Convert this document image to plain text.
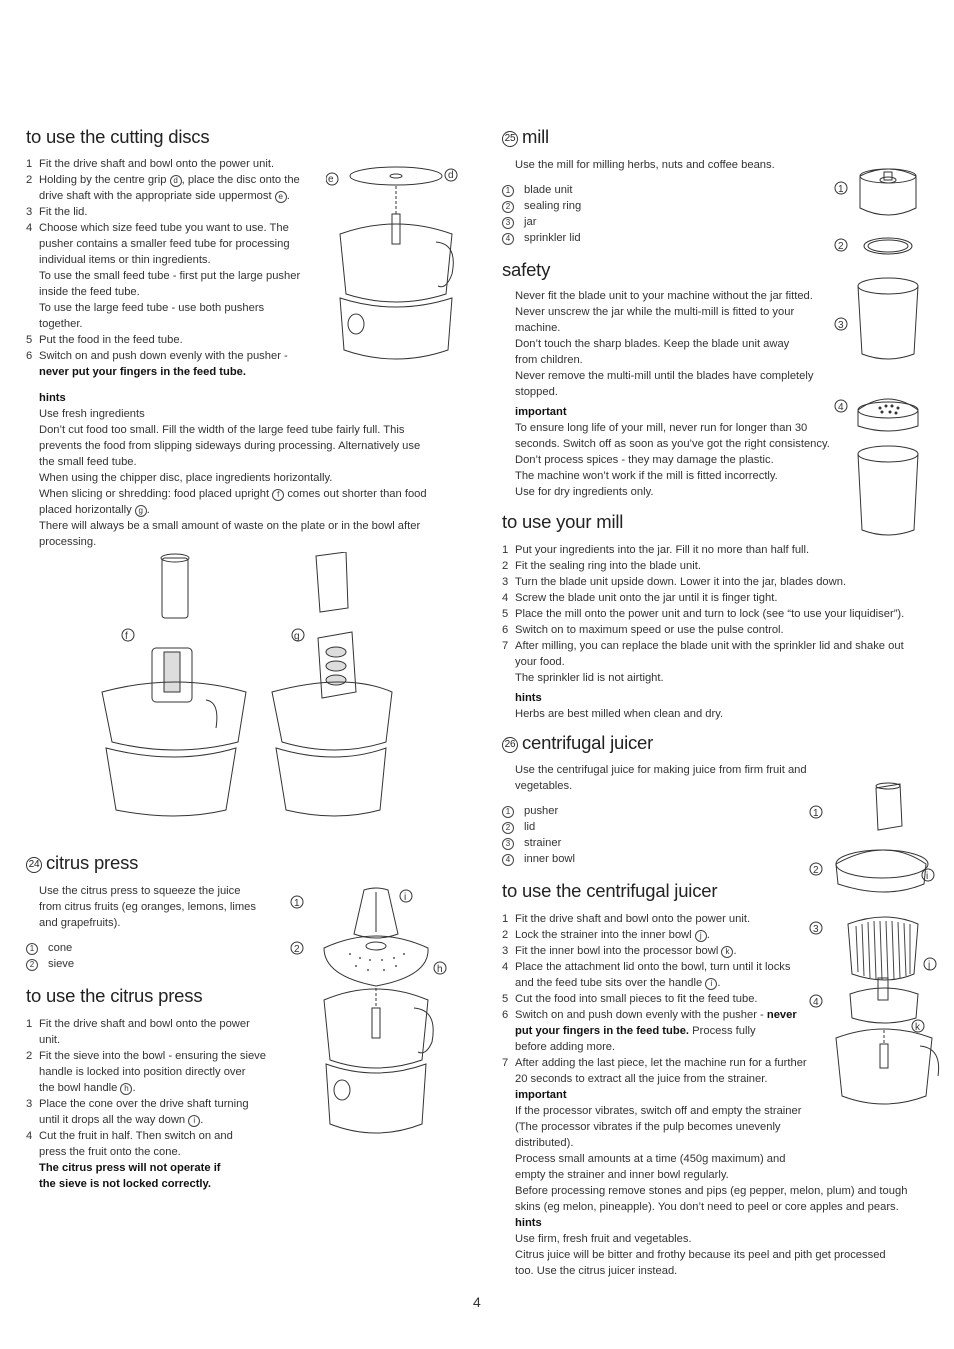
to use the cutting discs
1 Fit the drive shaft and bowl onto the power unit.
2 Holding by the centre grip d , place the disc onto the
drive shaft with the appropriate side uppermost e .
3 Fit the lid.
4 Choose which size feed tube you want to use. The
pusher contains a smaller feed tube for processing
individual items or thin ingredients.
To use the small feed tube - first put the large pusher
inside the feed tube.
To use the large feed tube - use both pushers
together.
5 Put the food in the feed tube.
6 Switch on and push down evenly with the pusher -
never put your fingers in the feed tube.
hints
Use fresh ingredients
Don’t cut food too small. Fill the width of the large feed tube fairly full. This
prevents the food from slipping sideways during processing. Alternatively use
the small feed tube.
When using the chipper disc, place ingredients horizontally.
When slicing or shredding: food placed upright f comes out shorter than food
placed horizontally g .
There will always be a small amount of waste on the plate or in the bowl after
processing.
e	d
f	g
24 citrus press
Use the citrus press to squeeze the juice
from citrus fruits (eg oranges, lemons, limes
and grapefruits).
1 cone
2 sieve
to use the citrus press
1 Fit the drive shaft and bowl onto the power
unit.
2 Fit the sieve into the bowl - ensuring the sieve
handle is locked into position directly over
the bowl handle h .
3 Place the cone over the drive shaft turning
until it drops all the way down i .
4 Cut the fruit in half. Then switch on and
press the fruit onto the cone.
The citrus press will not operate if
the sieve is not locked correctly.
1
2
i
h
25 mill
Use the mill for milling herbs, nuts and coffee beans.
1 blade unit
2 sealing ring
3 jar
4 sprinkler lid
safety
Never fit the blade unit to your machine without the jar fitted.
Never unscrew the jar while the multi-mill is fitted to your
machine.
Don’t touch the sharp blades. Keep the blade unit away
from children.
Never remove the multi-mill until the blades have completely
stopped.
important
To ensure long life of your mill, never run for longer than 30
seconds. Switch off as soon as you’ve got the right consistency.
Don’t process spices - they may damage the plastic.
The machine won’t work if the mill is fitted incorrectly.
Use for dry ingredients only.
to use your mill
1 Put your ingredients into the jar. Fill it no more than half full.
2 Fit the sealing ring into the blade unit.
3 Turn the blade unit upside down. Lower it into the jar, blades down.
4 Screw the blade unit onto the jar until it is finger tight.
5 Place the mill onto the power unit and turn to lock (see “to use your liquidiser”).
6 Switch on to maximum speed or use the pulse control.
7 After milling, you can replace the blade unit with the sprinkler lid and shake out
your food.
The sprinkler lid is not airtight.
hints
Herbs are best milled when clean and dry.
26 centrifugal juicer
Use the centrifugal juice for making juice from firm fruit and
vegetables.
1 pusher
2 lid
3 strainer
4 inner bowl
to use the centrifugal juicer
1 Fit the drive shaft and bowl onto the power unit.
2 Lock the strainer into the inner bowl j .
3 Fit the inner bowl into the processor bowl k .
4 Place the attachment lid onto the bowl, turn until it locks
and the feed tube sits over the handle i .
5 Cut the food into small pieces to fit the feed tube.
6 Switch on and push down evenly with the pusher - never
put your fingers in the feed tube. Process fully
before adding more.
7 After adding the last piece, let the machine run for a further
20 seconds to extract all the juice from the strainer.
important
If the processor vibrates, switch off and empty the strainer
(The processor vibrates if the pulp becomes unevenly
distributed).
Process small amounts at a time (450g maximum) and
empty the strainer and inner bowl regularly.
Before processing remove stones and pips (eg pepper, melon, plum) and tough
skins (eg melon, pineapple). You don’t need to peel or core apples and pears.
hints
Use firm, fresh fruit and vegetables.
Citrus juice will be bitter and frothy because its peel and pith get processed
too. Use the citrus juicer instead.
1
2
3
4
1
2
3
4
i
j
k
4
